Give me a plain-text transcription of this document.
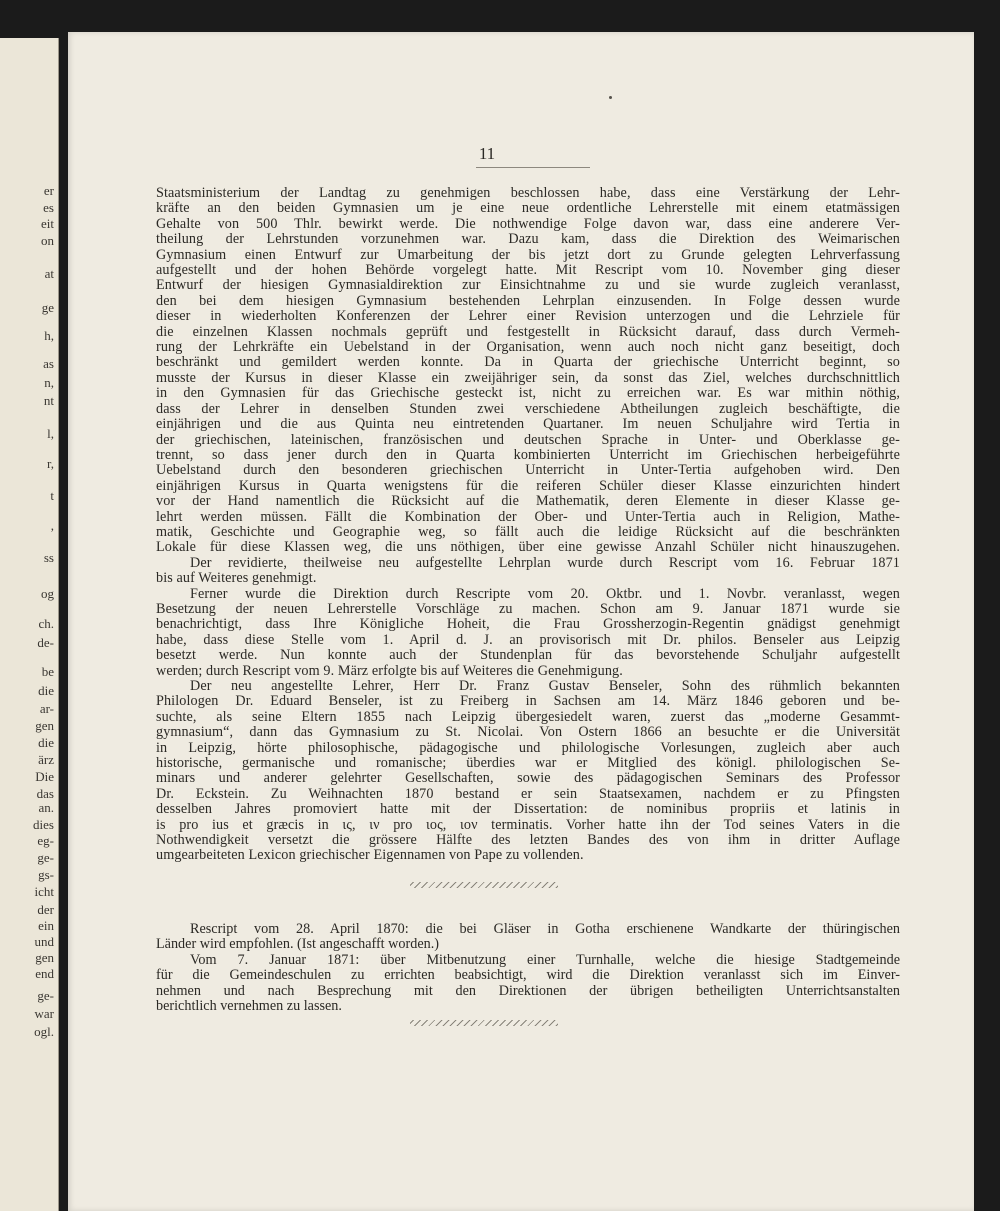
er
es
eit
on
at
ge
h,
as
n,
nt
l,
r,
t
,
ss
og
ch.
de-
be
die
ar-
gen
die
ärz
Die
das
an.
dies
eg-
ge-
gs-
icht
der
ein
und
gen
end
ge-
war
ogl.
11
Staatsministerium der Landtag zu genehmigen beschlossen habe, dass eine Verstärkung der Lehr-
kräfte an den beiden Gymnasien um je eine neue ordentliche Lehrerstelle mit einem etatmässigen
Gehalte von 500 Thlr. bewirkt werde. Die nothwendige Folge davon war, dass eine anderere Ver-
theilung der Lehrstunden vorzunehmen war. Dazu kam, dass die Direktion des Weimarischen
Gymnasium einen Entwurf zur Umarbeitung der bis jetzt dort zu Grunde gelegten Lehrverfassung
aufgestellt und der hohen Behörde vorgelegt hatte. Mit Rescript vom 10. November ging dieser
Entwurf der hiesigen Gymnasialdirektion zur Einsichtnahme zu und sie wurde zugleich veranlasst,
den bei dem hiesigen Gymnasium bestehenden Lehrplan einzusenden. In Folge dessen wurde
dieser in wiederholten Konferenzen der Lehrer einer Revision unterzogen und die Lehrziele für
die einzelnen Klassen nochmals geprüft und festgestellt in Rücksicht darauf, dass durch Vermeh-
rung der Lehrkräfte ein Uebelstand in der Organisation, wenn auch noch nicht ganz beseitigt, doch
beschränkt und gemildert werden konnte. Da in Quarta der griechische Unterricht beginnt, so
musste der Kursus in dieser Klasse ein zweijähriger sein, da sonst das Ziel, welches durchschnittlich
in den Gymnasien für das Griechische gesteckt ist, nicht zu erreichen war. Es war mithin nöthig,
dass der Lehrer in denselben Stunden zwei verschiedene Abtheilungen zugleich beschäftigte, die
einjährigen und die aus Quinta neu eintretenden Quartaner. Im neuen Schuljahre wird Tertia in
der griechischen, lateinischen, französischen und deutschen Sprache in Unter- und Oberklasse ge-
trennt, so dass jener durch den in Quarta kombinierten Unterricht im Griechischen herbeigeführte
Uebelstand durch den besonderen griechischen Unterricht in Unter-Tertia aufgehoben wird. Den
einjährigen Kursus in Quarta wenigstens für die reiferen Schüler dieser Klasse einzurichten hindert
vor der Hand namentlich die Rücksicht auf die Mathematik, deren Elemente in dieser Klasse ge-
lehrt werden müssen. Fällt die Kombination der Ober- und Unter-Tertia auch in Religion, Mathe-
matik, Geschichte und Geographie weg, so fällt auch die leidige Rücksicht auf die beschränkten
Lokale für diese Klassen weg, die uns nöthigen, über eine gewisse Anzahl Schüler nicht hinauszugehen.
Der revidierte, theilweise neu aufgestellte Lehrplan wurde durch Rescript vom 16. Februar 1871
bis auf Weiteres genehmigt.
Ferner wurde die Direktion durch Rescripte vom 20. Oktbr. und 1. Novbr. veranlasst, wegen
Besetzung der neuen Lehrerstelle Vorschläge zu machen. Schon am 9. Januar 1871 wurde sie
benachrichtigt, dass Ihre Königliche Hoheit, die Frau Grossherzogin-Regentin gnädigst genehmigt
habe, dass diese Stelle vom 1. April d. J. an provisorisch mit Dr. philos. Benseler aus Leipzig
besetzt werde. Nun konnte auch der Stundenplan für das bevorstehende Schuljahr aufgestellt
werden; durch Rescript vom 9. März erfolgte bis auf Weiteres die Genehmigung.
Der neu angestellte Lehrer, Herr Dr. Franz Gustav Benseler, Sohn des rühmlich bekannten
Philologen Dr. Eduard Benseler, ist zu Freiberg in Sachsen am 14. März 1846 geboren und be-
suchte, als seine Eltern 1855 nach Leipzig übergesiedelt waren, zuerst das „moderne Gesammt-
gymnasium“, dann das Gymnasium zu St. Nicolai. Von Ostern 1866 an besuchte er die Universität
in Leipzig, hörte philosophische, pädagogische und philologische Vorlesungen, zugleich aber auch
historische, germanische und romanische; überdies war er Mitglied des königl. philologischen Se-
minars und anderer gelehrter Gesellschaften, sowie des pädagogischen Seminars des Professor
Dr. Eckstein. Zu Weihnachten 1870 bestand er sein Staatsexamen, nachdem er zu Pfingsten
desselben Jahres promoviert hatte mit der Dissertation: de nominibus propriis et latinis in
is pro ius et græcis in ις, ιν pro ιος, ιον terminatis. Vorher hatte ihn der Tod seines Vaters in die
Nothwendigkeit versetzt die grössere Hälfte des letzten Bandes des von ihm in dritter Auflage
umgearbeiteten Lexicon griechischer Eigennamen von Pape zu vollenden.
Rescript vom 28. April 1870: die bei Gläser in Gotha erschienene Wandkarte der thüringischen
Länder wird empfohlen. (Ist angeschafft worden.)
Vom 7. Januar 1871: über Mitbenutzung einer Turnhalle, welche die hiesige Stadtgemeinde
für die Gemeindeschulen zu errichten beabsichtigt, wird die Direktion veranlasst sich im Einver-
nehmen und nach Besprechung mit den Direktionen der übrigen betheiligten Unterrichtsanstalten
berichtlich vernehmen zu lassen.
